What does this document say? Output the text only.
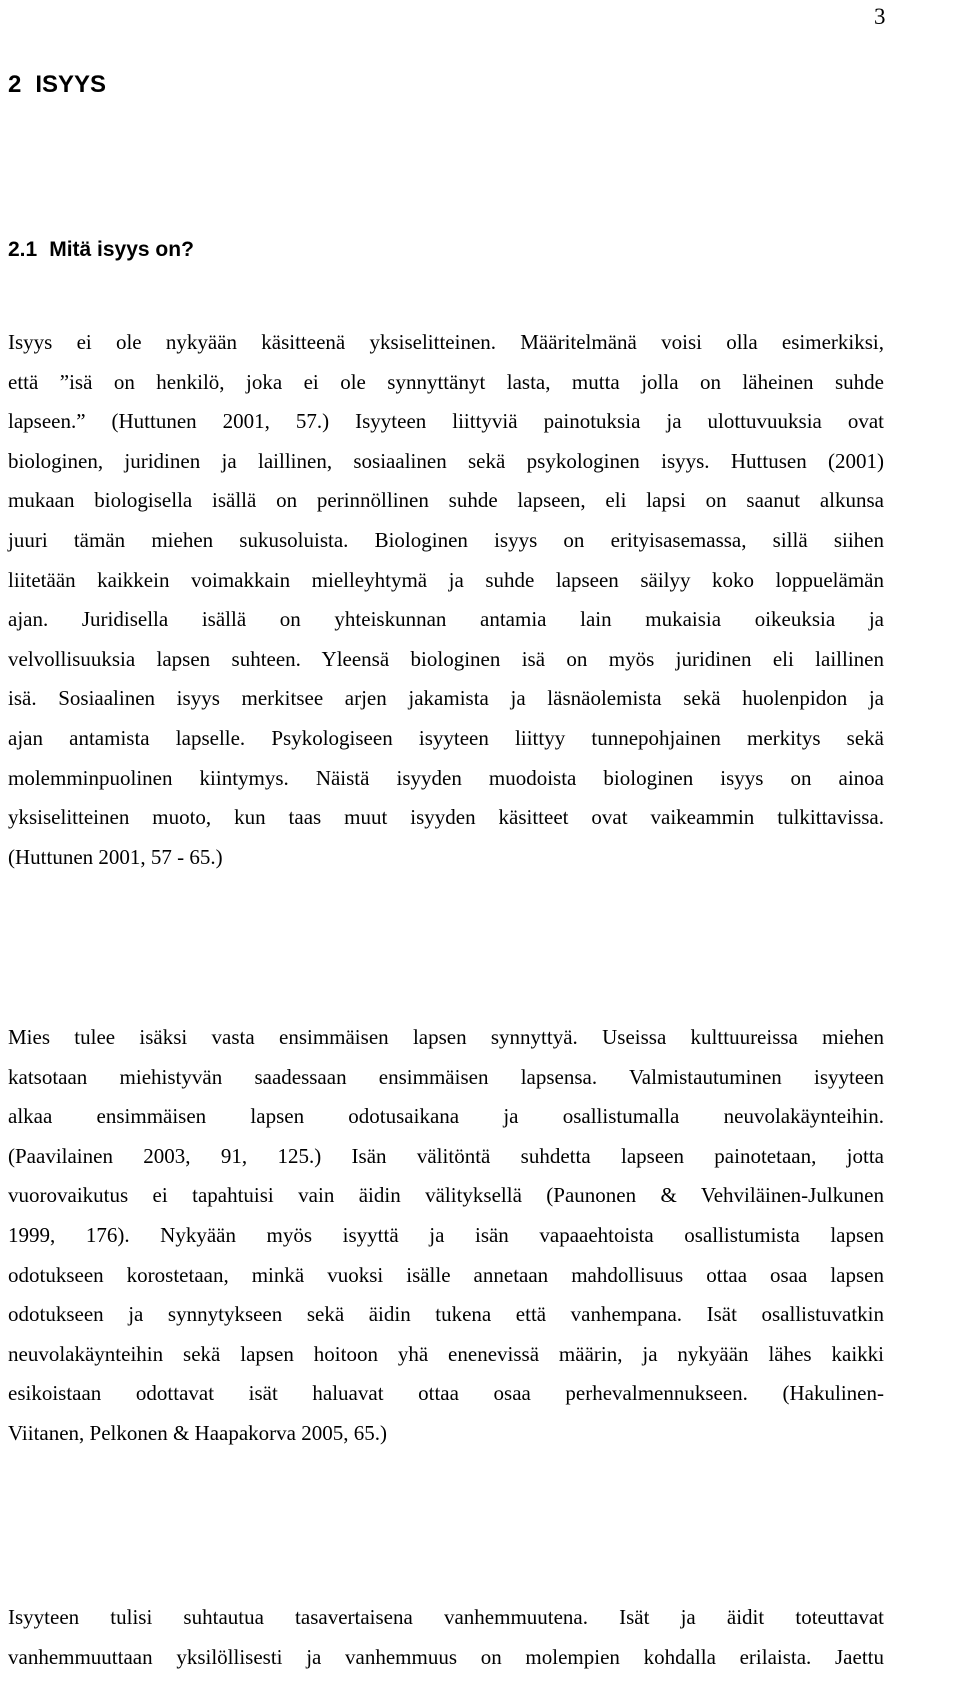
3
2 ISYYS
2.1 Mitä isyys on?
Isyys ei ole nykyään käsitteenä yksiselitteinen. Määritelmänä voisi olla esimerkiksi,
että ”isä on henkilö, joka ei ole synnyttänyt lasta, mutta jolla on läheinen suhde
lapseen.” (Huttunen 2001, 57.) Isyyteen liittyviä painotuksia ja ulottuvuuksia ovat
biologinen, juridinen ja laillinen, sosiaalinen sekä psykologinen isyys. Huttusen (2001)
mukaan biologisella isällä on perinnöllinen suhde lapseen, eli lapsi on saanut alkunsa
juuri tämän miehen sukusoluista. Biologinen isyys on erityisasemassa, sillä siihen
liitetään kaikkein voimakkain mielleyhtymä ja suhde lapseen säilyy koko loppuelämän
ajan. Juridisella isällä on yhteiskunnan antamia lain mukaisia oikeuksia ja
velvollisuuksia lapsen suhteen. Yleensä biologinen isä on myös juridinen eli laillinen
isä. Sosiaalinen isyys merkitsee arjen jakamista ja läsnäolemista sekä huolenpidon ja
ajan antamista lapselle. Psykologiseen isyyteen liittyy tunnepohjainen merkitys sekä
molemminpuolinen kiintymys. Näistä isyyden muodoista biologinen isyys on ainoa
yksiselitteinen muoto, kun taas muut isyyden käsitteet ovat vaikeammin tulkittavissa.
(Huttunen 2001, 57 - 65.)
Mies tulee isäksi vasta ensimmäisen lapsen synnyttyä. Useissa kulttuureissa miehen
katsotaan miehistyvän saadessaan ensimmäisen lapsensa. Valmistautuminen isyyteen
alkaa ensimmäisen lapsen odotusaikana ja osallistumalla neuvolakäynteihin.
(Paavilainen 2003, 91, 125.) Isän välitöntä suhdetta lapseen painotetaan, jotta
vuorovaikutus ei tapahtuisi vain äidin välityksellä (Paunonen & Vehviläinen-Julkunen
1999, 176). Nykyään myös isyyttä ja isän vapaaehtoista osallistumista lapsen
odotukseen korostetaan, minkä vuoksi isälle annetaan mahdollisuus ottaa osaa lapsen
odotukseen ja synnytykseen sekä äidin tukena että vanhempana. Isät osallistuvatkin
neuvolakäynteihin sekä lapsen hoitoon yhä enenevissä määrin, ja nykyään lähes kaikki
esikoistaan odottavat isät haluavat ottaa osaa perhevalmennukseen. (Hakulinen-
Viitanen, Pelkonen & Haapakorva 2005, 65.)
Isyyteen tulisi suhtautua tasavertaisena vanhemmuutena. Isät ja äidit toteuttavat
vanhemmuuttaan yksilöllisesti ja vanhemmuus on molempien kohdalla erilaista. Jaettu
